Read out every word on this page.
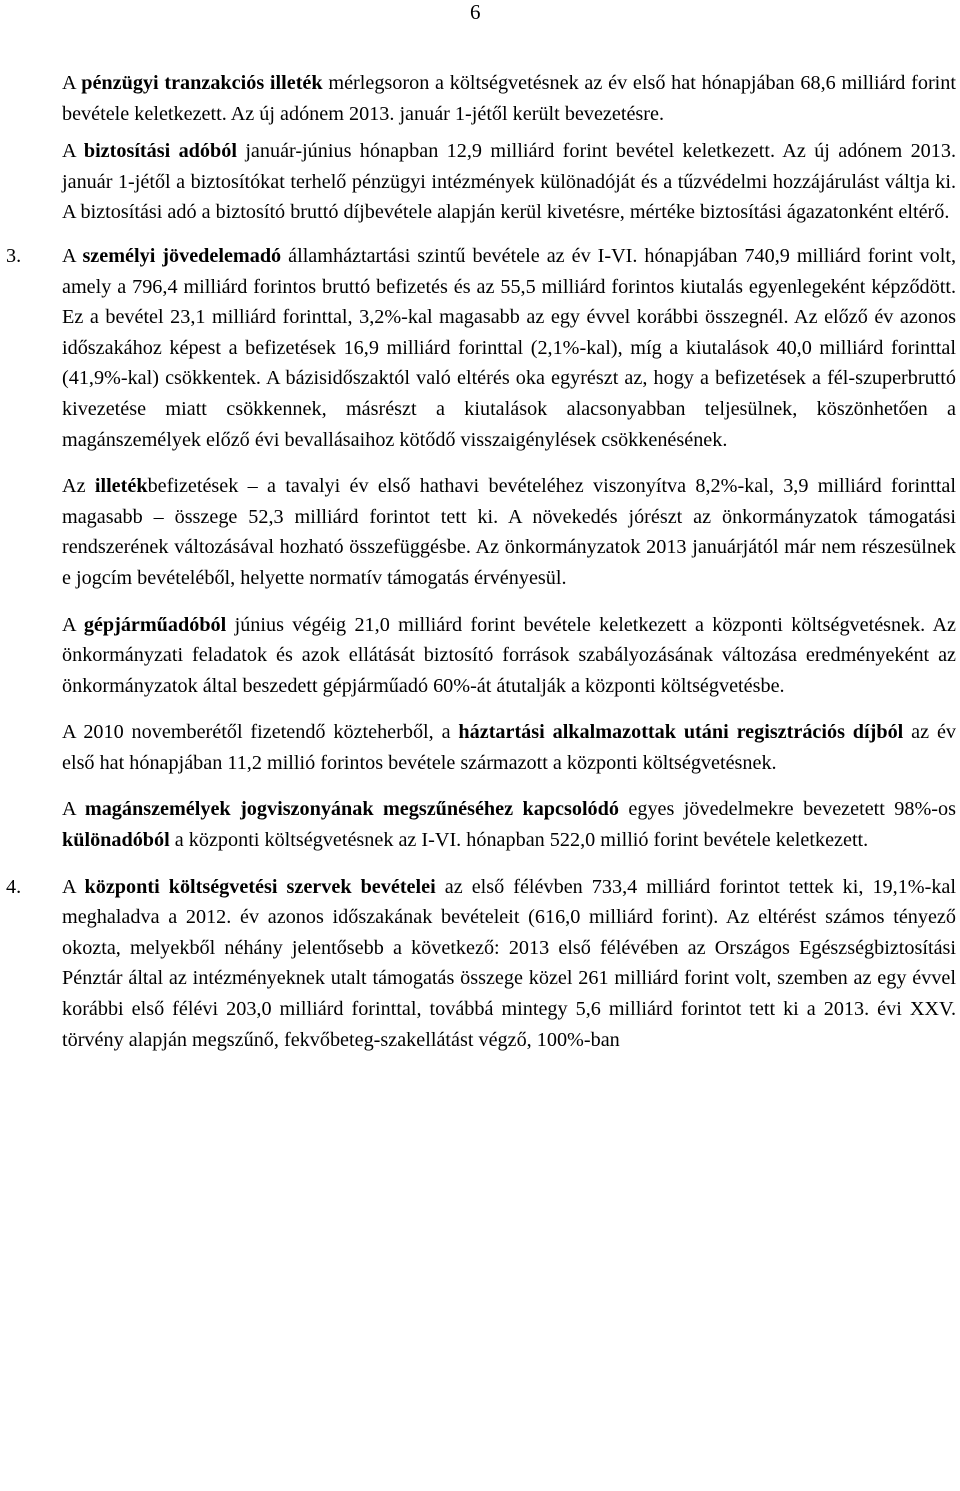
6

A pénzügyi tranzakciós illeték mérlegsoron a költségvetésnek az év első hat hónapjában 68,6 milliárd forint bevétele keletkezett. Az új adónem 2013. január 1-jétől került bevezetésre.

A biztosítási adóból január-június hónapban 12,9 milliárd forint bevétel keletkezett. Az új adónem 2013. január 1-jétől a biztosítókat terhelő pénzügyi intézmények különadóját és a tűzvédelmi hozzájárulást váltja ki. A biztosítási adó a biztosító bruttó díjbevétele alapján kerül kivetésre, mértéke biztosítási ágazatonként eltérő.

3. A személyi jövedelemadó államháztartási szintű bevétele az év I-VI. hónapjában 740,9 milliárd forint volt, amely a 796,4 milliárd forintos bruttó befizetés és az 55,5 milliárd forintos kiutalás egyenlegeként képződött. Ez a bevétel 23,1 milliárd forinttal, 3,2%-kal magasabb az egy évvel korábbi összegnél. Az előző év azonos időszakához képest a befizetések 16,9 milliárd forinttal (2,1%-kal), míg a kiutalások 40,0 milliárd forinttal (41,9%-kal) csökkentek. A bázisidőszaktól való eltérés oka egyrészt az, hogy a befizetések a fél-szuperbruttó kivezetése miatt csökkennek, másrészt a kiutalások alacsonyabban teljesülnek, köszönhetően a magánszemélyek előző évi bevallásaihoz kötődő visszaigénylések csökkenésének.

Az illetékbefizetések – a tavalyi év első hathavi bevételéhez viszonyítva 8,2%-kal, 3,9 milliárd forinttal magasabb – összege 52,3 milliárd forintot tett ki. A növekedés jórészt az önkormányzatok támogatási rendszerének változásával hozható összefüggésbe. Az önkormányzatok 2013 januárjától már nem részesülnek e jogcím bevételéből, helyette normatív támogatás érvényesül.

A gépjárműadóból június végéig 21,0 milliárd forint bevétele keletkezett a központi költségvetésnek. Az önkormányzati feladatok és azok ellátását biztosító források szabályozásának változása eredményeként az önkormányzatok által beszedett gépjárműadó 60%-át átutalják a központi költségvetésbe.

A 2010 novemberétől fizetendő közteherből, a háztartási alkalmazottak utáni regisztrációs díjból az év első hat hónapjában 11,2 millió forintos bevétele származott a központi költségvetésnek.

A magánszemélyek jogviszonyának megszűnéséhez kapcsolódó egyes jövedelmekre bevezetett 98%-os különadóból a központi költségvetésnek az I-VI. hónapban 522,0 millió forint bevétele keletkezett.

4. A központi költségvetési szervek bevételei az első félévben 733,4 milliárd forintot tettek ki, 19,1%-kal meghaladva a 2012. év azonos időszakának bevételeit (616,0 milliárd forint). Az eltérést számos tényező okozta, melyekből néhány jelentősebb a következő: 2013 első félévében az Országos Egészségbiztosítási Pénztár által az intézményeknek utalt támogatás összege közel 261 milliárd forint volt, szemben az egy évvel korábbi első félévi 203,0 milliárd forinttal, továbbá mintegy 5,6 milliárd forintot tett ki a 2013. évi XXV. törvény alapján megszűnő, fekvőbeteg-szakellátást végző, 100%-ban
